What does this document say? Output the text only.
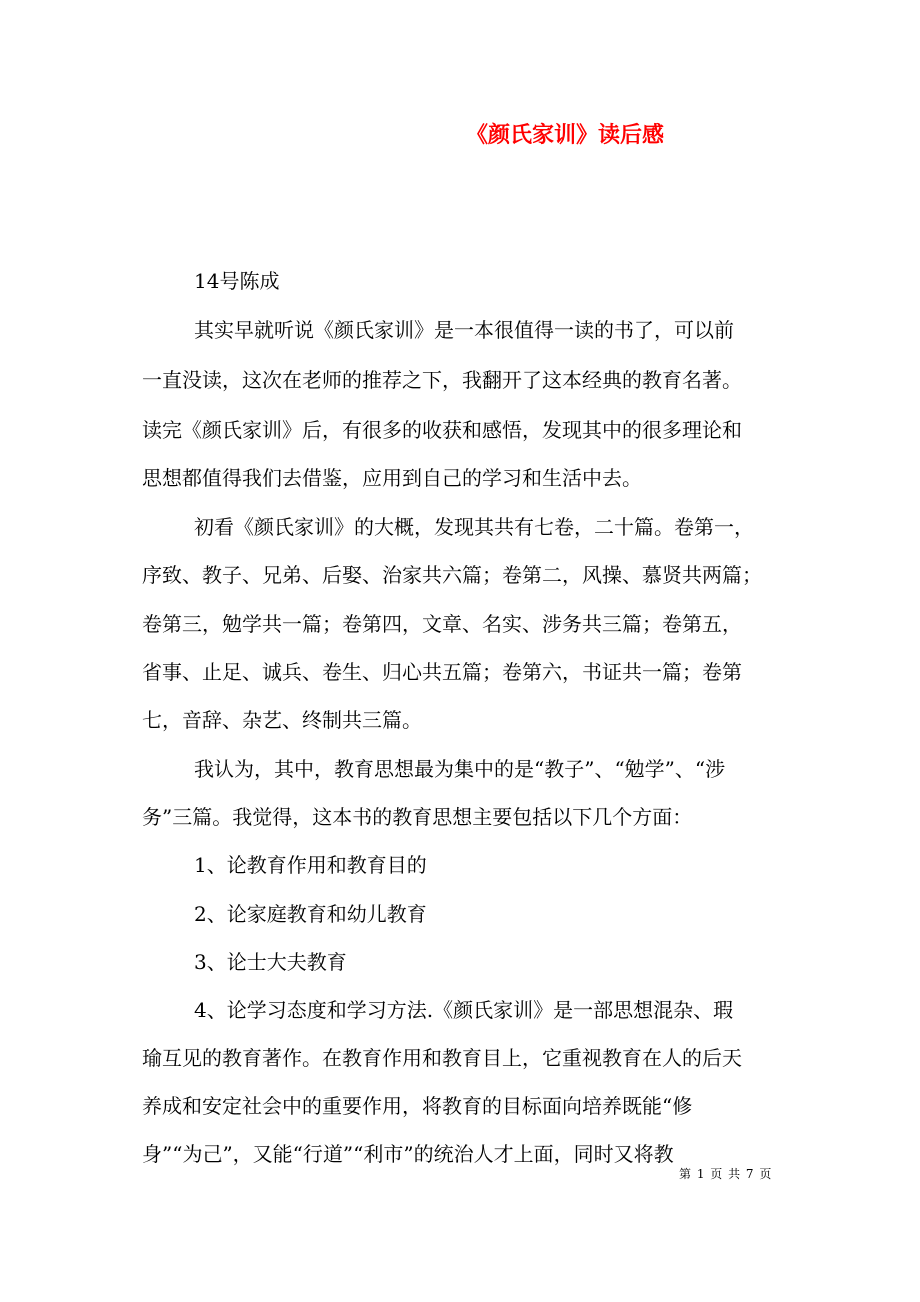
《颜氏家训》读后感
14号陈成
其实早就听说《颜氏家训》是一本很值得一读的书了，可以前
一直没读，这次在老师的推荐之下，我翻开了这本经典的教育名著。
读完《颜氏家训》后，有很多的收获和感悟，发现其中的很多理论和
思想都值得我们去借鉴，应用到自己的学习和生活中去。
初看《颜氏家训》的大概，发现其共有七卷，二十篇。卷第一，
序致、教子、兄弟、后娶、治家共六篇；卷第二，风操、慕贤共两篇；
卷第三，勉学共一篇；卷第四，文章、名实、涉务共三篇；卷第五，
省事、止足、诚兵、卷生、归心共五篇；卷第六，书证共一篇；卷第
七，音辞、杂艺、终制共三篇。
我认为，其中，教育思想最为集中的是“教子”、“勉学”、“涉
务”三篇。我觉得，这本书的教育思想主要包括以下几个方面：
1、论教育作用和教育目的
2、论家庭教育和幼儿教育
3、论士大夫教育
4、论学习态度和学习方法.《颜氏家训》是一部思想混杂、瑕
瑜互见的教育著作。在教育作用和教育目上，它重视教育在人的后天
养成和安定社会中的重要作用，将教育的目标面向培养既能“修
身”“为己”，又能“行道”“利市”的统治人才上面，同时又将教
第 1 页 共 7 页
